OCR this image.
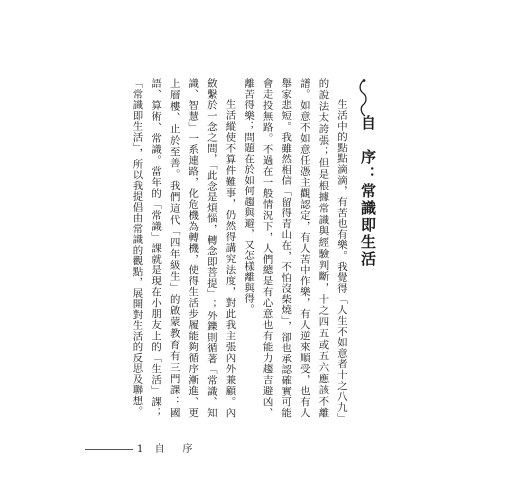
自　序：常識即生活

生活中的點點滴滴，有苦也有樂。我覺得「人生不如意者十之八九」的說法太誇張；但是根據常識與經驗判斷，十之四五或五六應該不離譜。如意不如意任憑主觀認定，有人苦中作樂，有人逆來順受，也有人舉家悲短。我雖然相信「留得青山在，不怕沒柴燒」，卻也承認確實可能會走投無路。不過在一般情況下，人們總是有心意也有能力趨吉避凶、離苦得樂；問題在於如何趨與避，又怎樣離與得。

生活縱使不算件難事，仍然得講究法度，對此我主張內外兼顧。內斂繫於一念之間，「此念是煩惱，轉念即菩提」；外鑠則循著「常識、知識、智慧」一系連路，化危機為轉機，使得生活步履能夠循序漸進、更上層樓、止於至善。我們這代「四年級生」的啟蒙教育有三門課：國語、算術、常識。當年的「常識」課就是現在小朋友上的「生活」課；「常識即生活」，所以我提倡由常識的觀點，展開對生活的反思及聯想。

1 自　序
